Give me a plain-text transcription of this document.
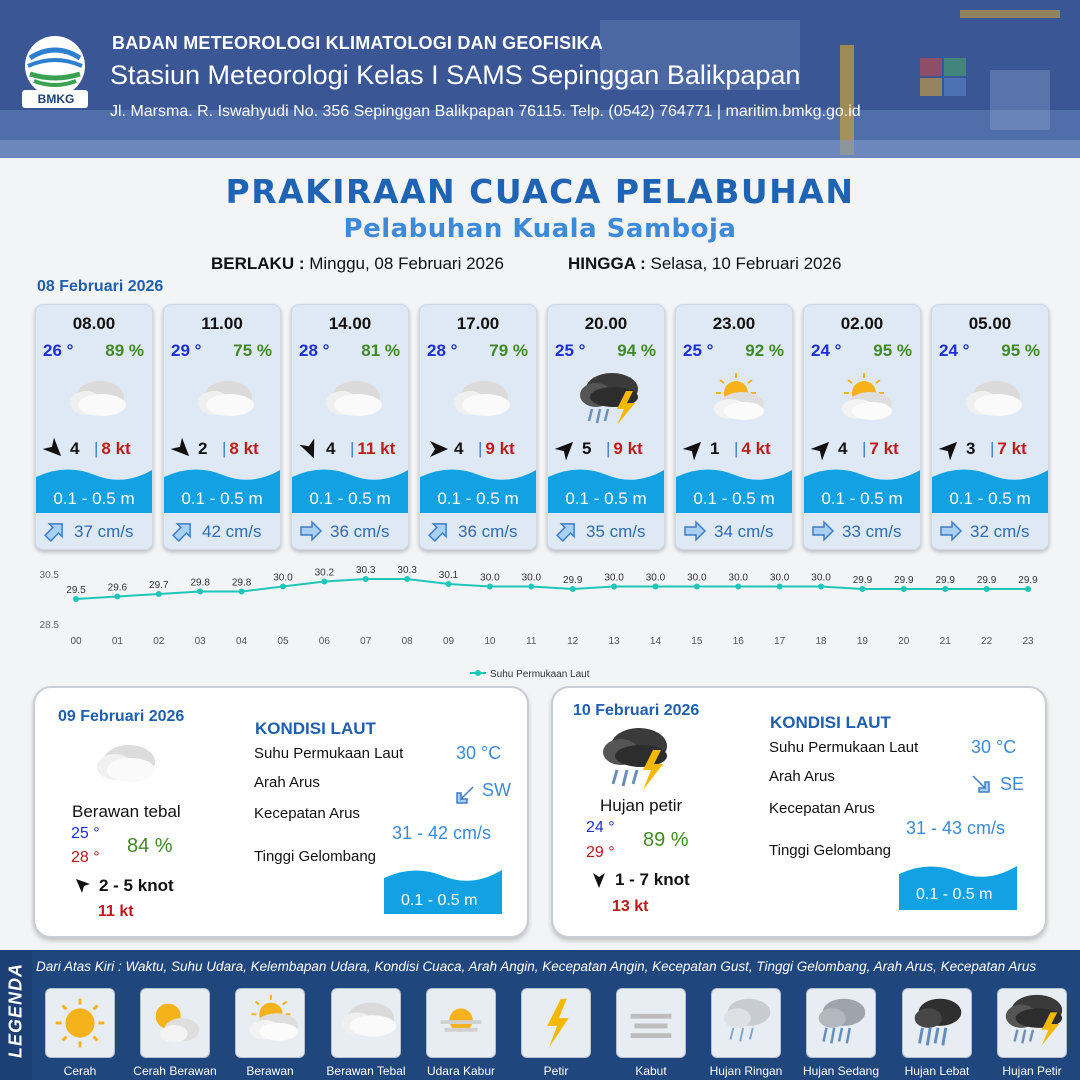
BMKG
BADAN METEOROLOGI KLIMATOLOGI DAN GEOFISIKA
Stasiun Meteorologi Kelas I SAMS Sepinggan Balikpapan
Jl. Marsma. R. Iswahyudi No. 356 Sepinggan Balikpapan 76115. Telp. (0542) 764771 | maritim.bmkg.go.id
PRAKIRAAN CUACA PELABUHAN
Pelabuhan Kuala Samboja
BERLAKU : Minggu, 08 Februari 2026	HINGGA : Selasa, 10 Februari 2026
08 Februari 2026
08.00
26 ° 89 %
4 | 8 kt
0.1 - 0.5 m
37 cm/s
11.00
29 ° 75 %
2 | 8 kt
0.1 - 0.5 m
42 cm/s
14.00
28 ° 81 %
4 | 11 kt
0.1 - 0.5 m
36 cm/s
17.00
28 ° 79 %
4 | 9 kt
0.1 - 0.5 m
36 cm/s
20.00
25 ° 94 %
5 | 9 kt
0.1 - 0.5 m
35 cm/s
23.00
25 ° 92 %
1 | 4 kt
0.1 - 0.5 m
34 cm/s
02.00
24 ° 95 %
4 | 7 kt
0.1 - 0.5 m
33 cm/s
05.00
24 ° 95 %
3 | 7 kt
0.1 - 0.5 m
32 cm/s
30.5
28.5
29.5
00
29.6
01
29.7
02
29.8
03
29.8
04
30.0
05
30.2
06
30.3
07
30.3
08
30.1
09
30.0
10
30.0
11
29.9
12
30.0
13
30.0
14
30.0
15
30.0
16
30.0
17
30.0
18
29.9
19
29.9
20
29.9
21
29.9
22
29.9
23
Suhu Permukaan Laut
09 Februari 2026
Berawan tebal
25 °
28 °
84 %
2 - 5 knot
11 kt
KONDISI LAUT
Suhu Permukaan Laut	30 °C
Arah Arus	SW
Kecepatan Arus
31 - 42 cm/s
Tinggi Gelombang
0.1 - 0.5 m
10 Februari 2026
Hujan petir
24 °
29 °
89 %
1 - 7 knot
13 kt
KONDISI LAUT
Suhu Permukaan Laut	30 °C
Arah Arus	SE
Kecepatan Arus
31 - 43 cm/s
Tinggi Gelombang
0.1 - 0.5 m
LEGENDA Dari Atas Kiri : Waktu, Suhu Udara, Kelembapan Udara, Kondisi Cuaca, Arah Angin, Kecepatan Angin, Kecepatan Gust, Tinggi Gelombang, Arah Arus, Kecepatan Arus
Cerah	Cerah Berawan	Berawan	Berawan Tebal	Udara Kabur	Petir	Kabut	Hujan Ringan	Hujan Sedang	Hujan Lebat	Hujan Petir
